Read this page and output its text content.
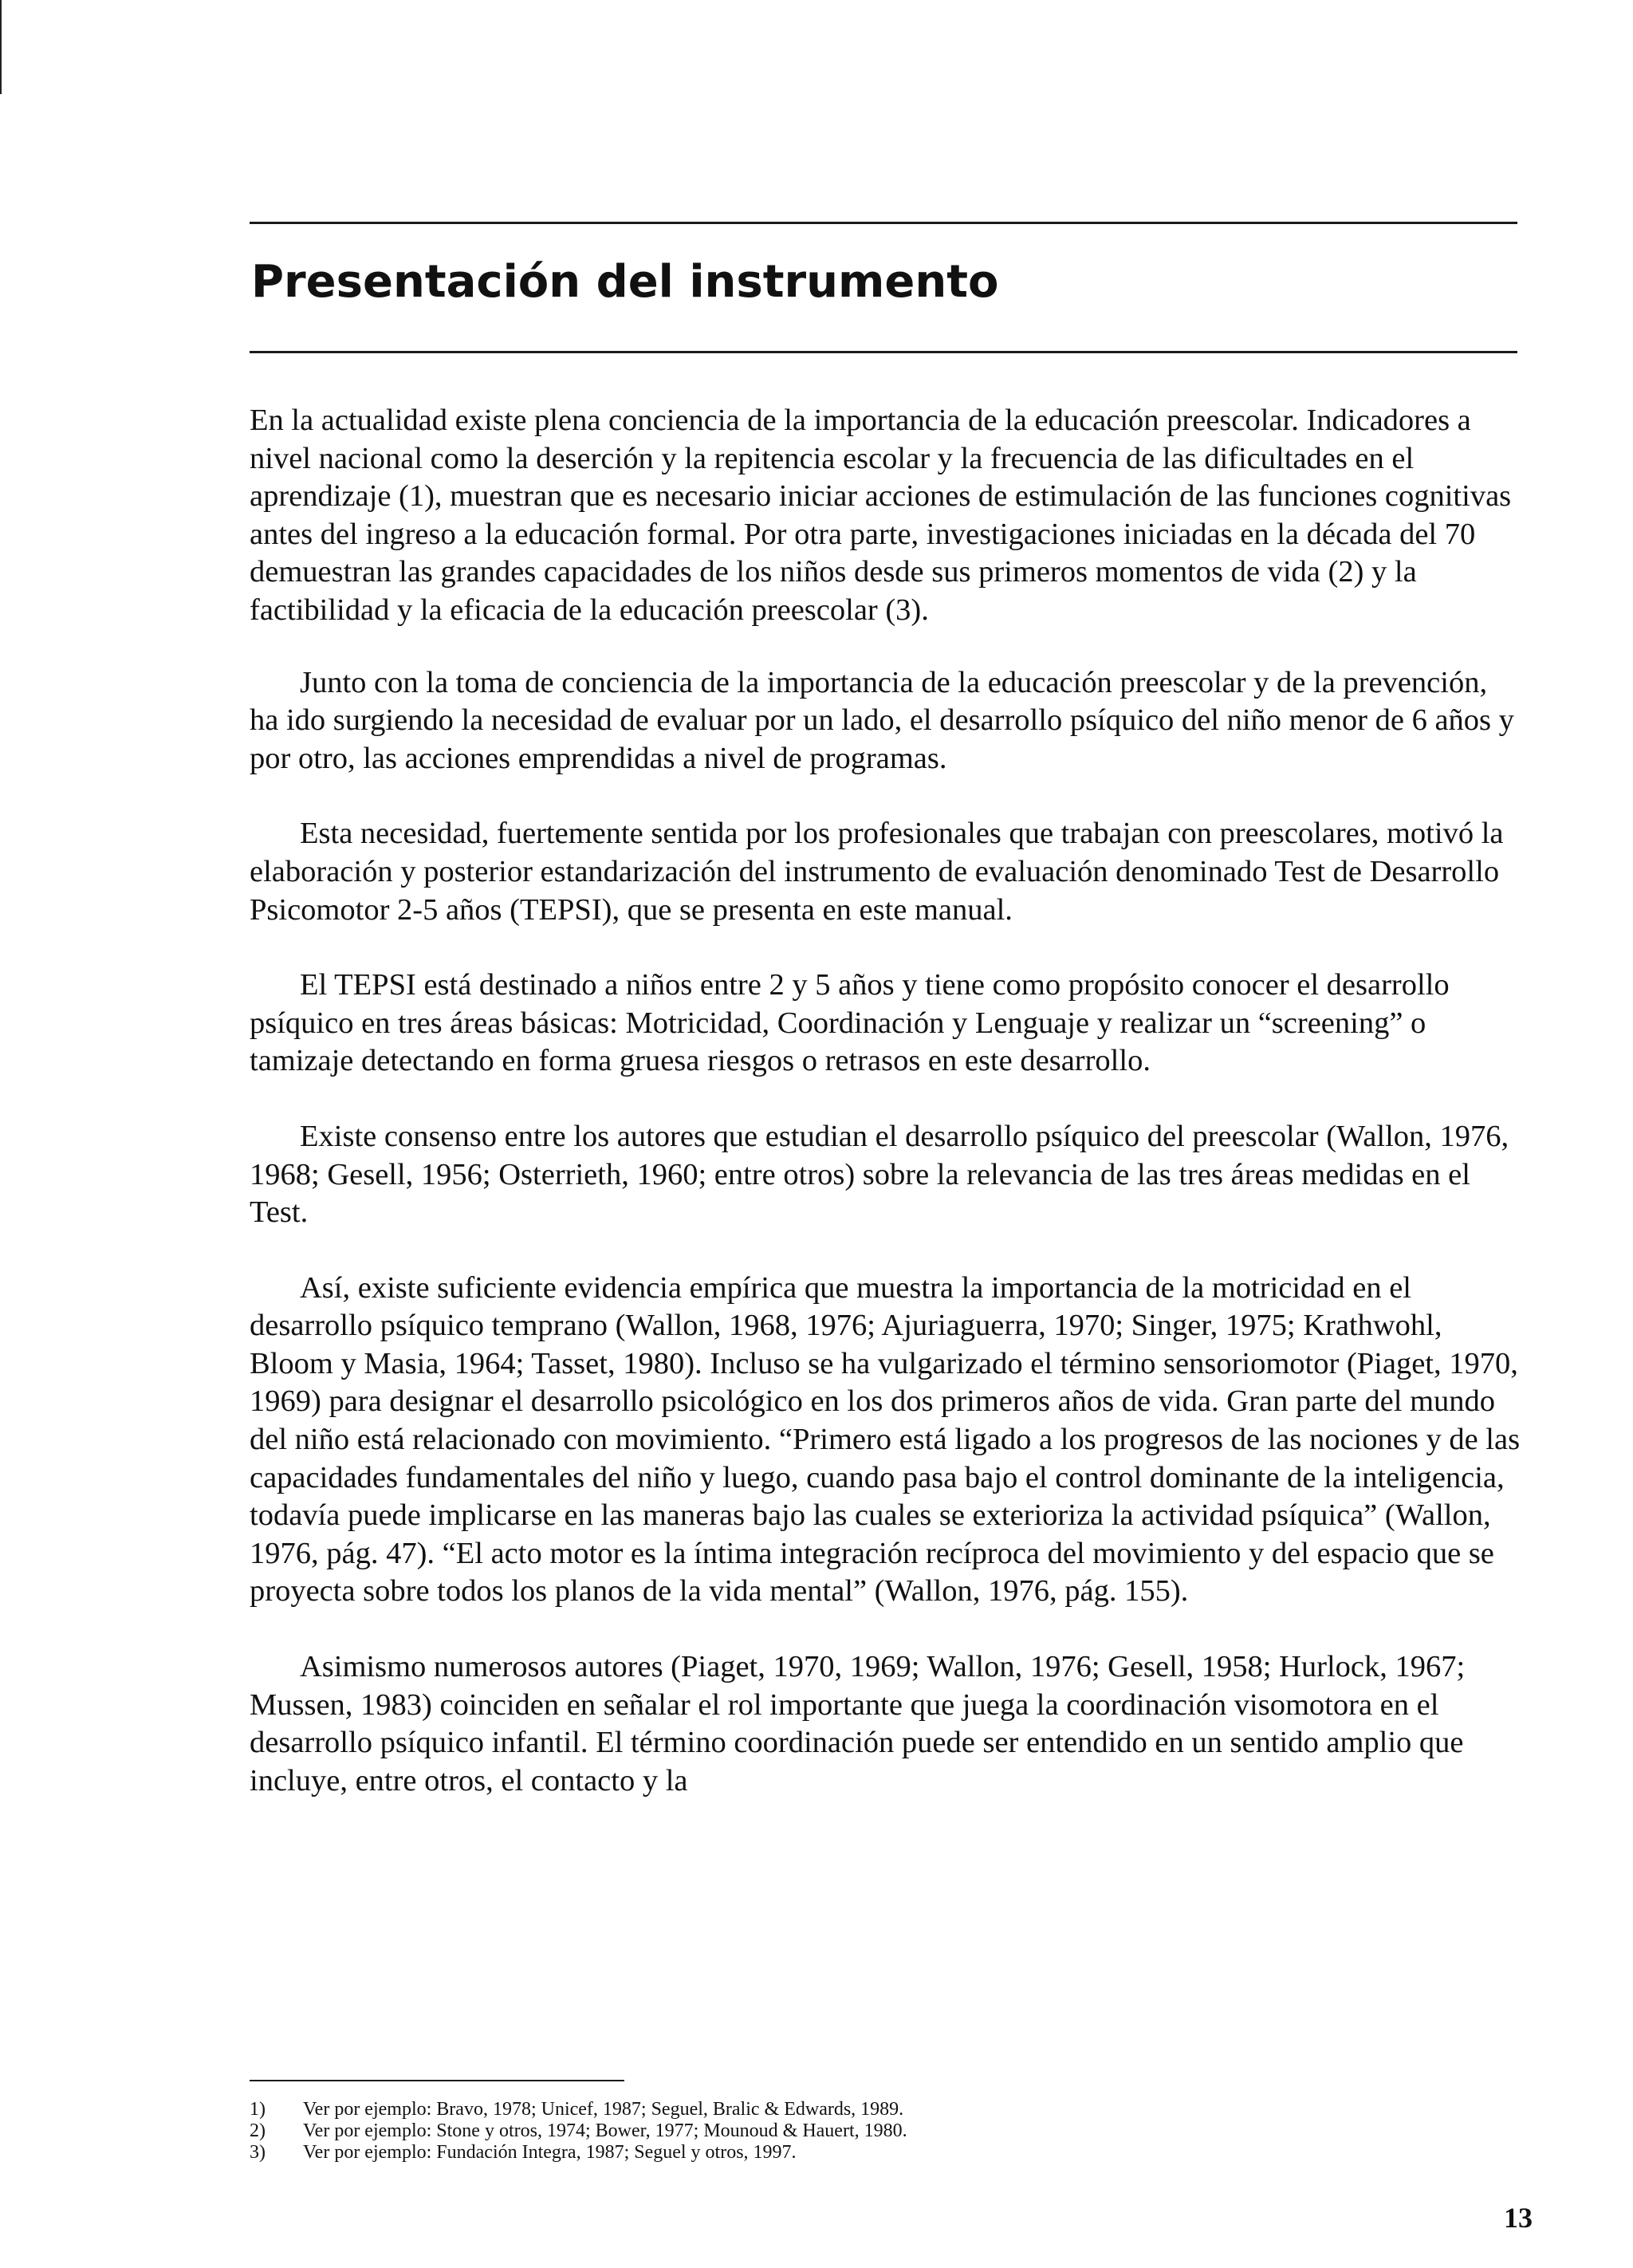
Presentación del instrumento

En la actualidad existe plena conciencia de la importancia de la educación preescolar. Indicadores a nivel nacional como la deserción y la repitencia escolar y la frecuencia de las dificultades en el aprendizaje (1), muestran que es necesario iniciar acciones de estimulación de las funciones cognitivas antes del ingreso a la educación formal. Por otra parte, investigaciones iniciadas en la década del 70 demuestran las grandes capacidades de los niños desde sus primeros momentos de vida (2) y la factibilidad y la eficacia de la educación preescolar (3).

Junto con la toma de conciencia de la importancia de la educación preescolar y de la prevención, ha ido surgiendo la necesidad de evaluar por un lado, el desarrollo psíquico del niño menor de 6 años y por otro, las acciones emprendidas a nivel de programas.

Esta necesidad, fuertemente sentida por los profesionales que trabajan con preescolares, motivó la elaboración y posterior estandarización del instrumento de evaluación denominado Test de Desarrollo Psicomotor 2-5 años (TEPSI), que se presenta en este manual.

El TEPSI está destinado a niños entre 2 y 5 años y tiene como propósito conocer el desarrollo psíquico en tres áreas básicas: Motricidad, Coordinación y Lenguaje y realizar un “screening” o tamizaje detectando en forma gruesa riesgos o retrasos en este desarrollo.

Existe consenso entre los autores que estudian el desarrollo psíquico del preescolar (Wallon, 1976, 1968; Gesell, 1956; Osterrieth, 1960; entre otros) sobre la relevancia de las tres áreas medidas en el Test.

Así, existe suficiente evidencia empírica que muestra la importancia de la motricidad en el desarrollo psíquico temprano (Wallon, 1968, 1976; Ajuriaguerra, 1970; Singer, 1975; Krathwohl, Bloom y Masia, 1964; Tasset, 1980). Incluso se ha vulgarizado el término sensoriomotor (Piaget, 1970, 1969) para designar el desarrollo psicológico en los dos primeros años de vida. Gran parte del mundo del niño está relacionado con movimiento. “Primero está ligado a los progresos de las nociones y de las capacidades fundamentales del niño y luego, cuando pasa bajo el control dominante de la inteligencia, todavía puede implicarse en las maneras bajo las cuales se exterioriza la actividad psíquica” (Wallon, 1976, pág. 47). “El acto motor es la íntima integración recíproca del movimiento y del espacio que se proyecta sobre todos los planos de la vida mental” (Wallon, 1976, pág. 155).

Asimismo numerosos autores (Piaget, 1970, 1969; Wallon, 1976; Gesell, 1958; Hurlock, 1967; Mussen, 1983) coinciden en señalar el rol importante que juega la coordinación visomotora en el desarrollo psíquico infantil. El término coordinación puede ser entendido en un sentido amplio que incluye, entre otros, el contacto y la

1)	Ver por ejemplo: Bravo, 1978; Unicef, 1987; Seguel, Bralic & Edwards, 1989.
2)	Ver por ejemplo: Stone y otros, 1974; Bower, 1977; Mounoud & Hauert, 1980.
3)	Ver por ejemplo: Fundación Integra, 1987; Seguel y otros, 1997.
13
